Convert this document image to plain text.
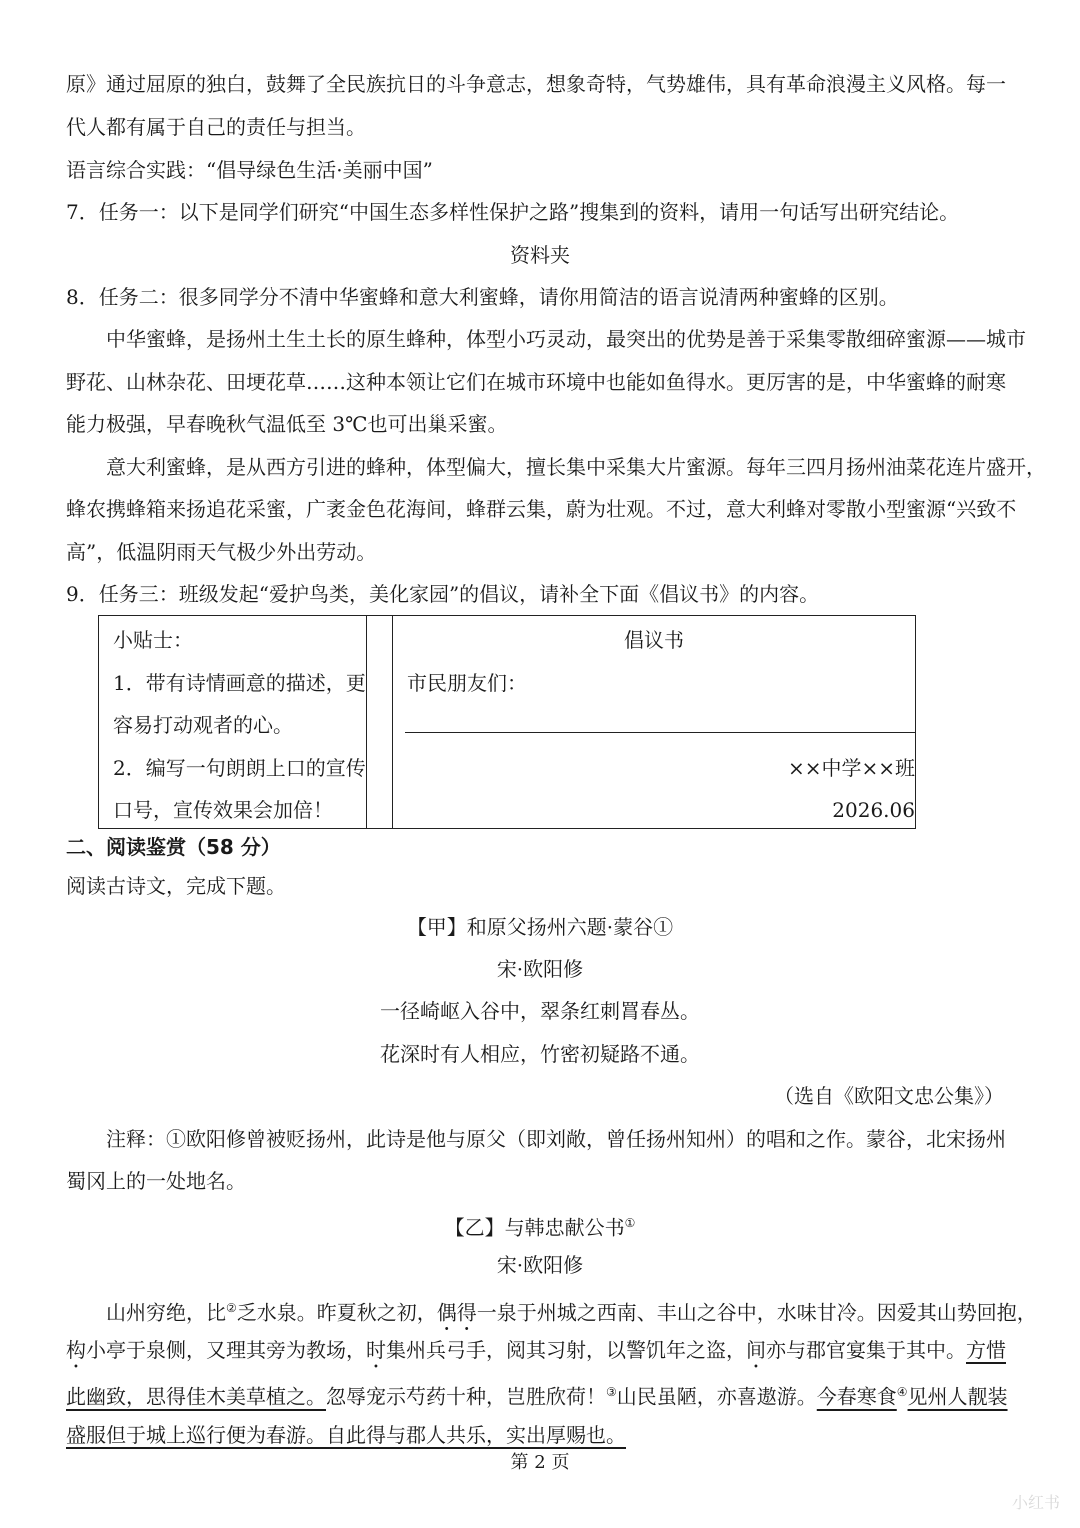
原》通过屈原的独白，鼓舞了全民族抗日的斗争意志，想象奇特，气势雄伟，具有革命浪漫主义风格。每一
代人都有属于自己的责任与担当。
语言综合实践：“倡导绿色生活·美丽中国”
7．任务一：以下是同学们研究“中国生态多样性保护之路”搜集到的资料，请用一句话写出研究结论。
资料夹
8．任务二：很多同学分不清中华蜜蜂和意大利蜜蜂，请你用简洁的语言说清两种蜜蜂的区别。
中华蜜蜂，是扬州土生土长的原生蜂种，体型小巧灵动，最突出的优势是善于采集零散细碎蜜源——城市
野花、山林杂花、田埂花草……这种本领让它们在城市环境中也能如鱼得水。更厉害的是，中华蜜蜂的耐寒
能力极强，早春晚秋气温低至 3℃也可出巢采蜜。
意大利蜜蜂，是从西方引进的蜂种，体型偏大，擅长集中采集大片蜜源。每年三四月扬州油菜花连片盛开，
蜂农携蜂箱来扬追花采蜜，广袤金色花海间，蜂群云集，蔚为壮观。不过，意大利蜂对零散小型蜜源“兴致不
高”，低温阴雨天气极少外出劳动。
9．任务三：班级发起“爱护鸟类，美化家园”的倡议，请补全下面《倡议书》的内容。
小贴士：
1．带有诗情画意的描述，更
容易打动观者的心。
2．编写一句朗朗上口的宣传
口号，宣传效果会加倍！
倡议书
市民朋友们：
××中学××班
2026.06
二、阅读鉴赏（58 分）
阅读古诗文，完成下题。
【甲】和原父扬州六题·蒙谷①
宋·欧阳修
一径崎岖入谷中，翠条红刺罥春丛。
花深时有人相应，竹密初疑路不通。
（选自《欧阳文忠公集》）
注释：①欧阳修曾被贬扬州，此诗是他与原父（即刘敞，曾任扬州知州）的唱和之作。蒙谷，北宋扬州
蜀冈上的一处地名。
【乙】与韩忠献公书①
宋·欧阳修
山州穷绝，比②乏水泉。昨夏秋之初，偶得一泉于州城之西南、丰山之谷中，水味甘冷。因爱其山势回抱，
构小亭于泉侧，又理其旁为教场，时集州兵弓手，阅其习射，以警饥年之盗，间亦与郡官宴集于其中。方惜
此幽致，思得佳木美草植之。忽辱宠示芍药十种，岂胜欣荷！③山民虽陋，亦喜遨游。今春寒食④见州人靓装
盛服但于城上巡行便为春游。自此得与郡人共乐，实出厚赐也。
第 2 页
小红书
